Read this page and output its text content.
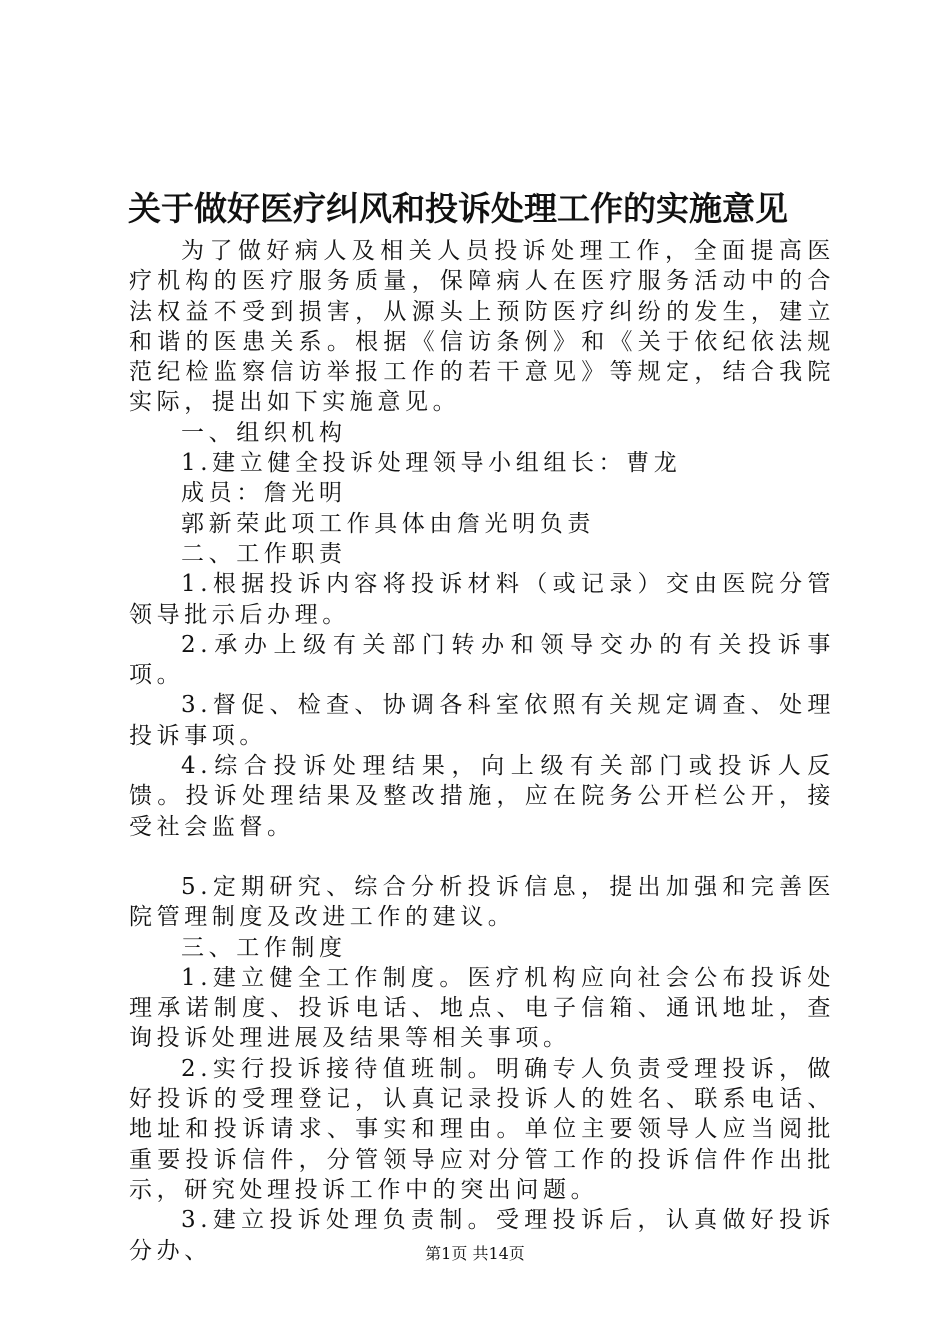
关于做好医疗纠风和投诉处理工作的实施意见

为了做好病人及相关人员投诉处理工作，全面提高医疗机构的医疗服务质量，保障病人在医疗服务活动中的合法权益不受到损害，从源头上预防医疗纠纷的发生，建立和谐的医患关系。根据《信访条例》和《关于依纪依法规范纪检监察信访举报工作的若干意见》等规定，结合我院实际，提出如下实施意见。

一、组织机构

1.建立健全投诉处理领导小组组长：曹龙

成员：詹光明

郭新荣此项工作具体由詹光明负责

二、工作职责

1.根据投诉内容将投诉材料（或记录）交由医院分管领导批示后办理。

2.承办上级有关部门转办和领导交办的有关投诉事项。

3.督促、检查、协调各科室依照有关规定调查、处理投诉事项。

4.综合投诉处理结果，向上级有关部门或投诉人反馈。投诉处理结果及整改措施，应在院务公开栏公开，接受社会监督。

5.定期研究、综合分析投诉信息，提出加强和完善医院管理制度及改进工作的建议。

三、工作制度

1.建立健全工作制度。医疗机构应向社会公布投诉处理承诺制度、投诉电话、地点、电子信箱、通讯地址，查询投诉处理进展及结果等相关事项。

2.实行投诉接待值班制。明确专人负责受理投诉，做好投诉的受理登记，认真记录投诉人的姓名、联系电话、地址和投诉请求、事实和理由。单位主要领导人应当阅批重要投诉信件，分管领导应对分管工作的投诉信件作出批示，研究处理投诉工作中的突出问题。

3.建立投诉处理负责制。受理投诉后，认真做好投诉分办、	第1页 共14页
